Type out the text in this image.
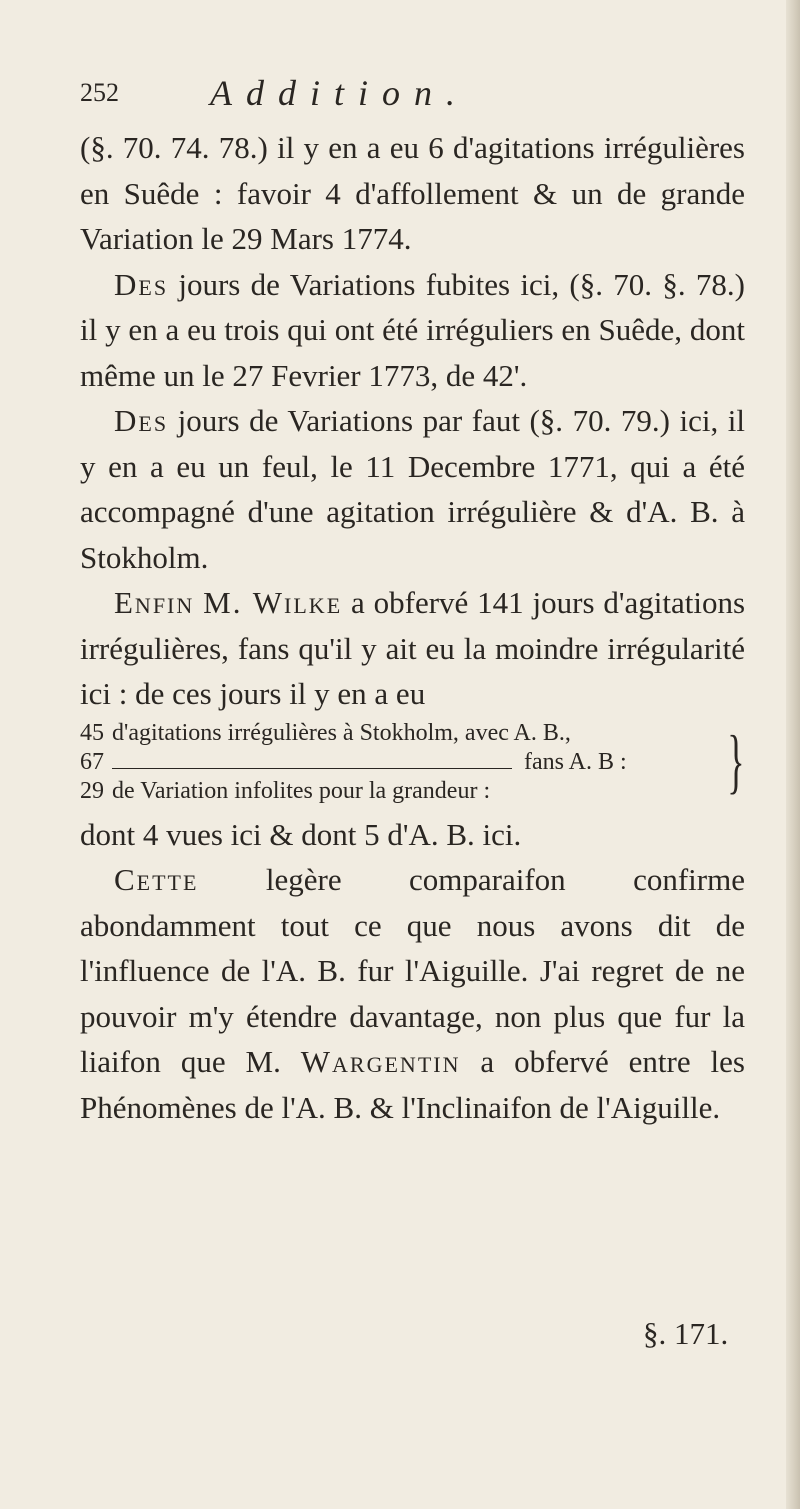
252	Addition.

(§. 70. 74. 78.) il y en a eu 6 d'agitations irrégulières en Suêde : favoir 4 d'affollement & un de grande Variation le 29 Mars 1774.

Des jours de Variations fubites ici, (§. 70. §. 78.) il y en a eu trois qui ont été irréguliers en Suêde, dont même un le 27 Fevrier 1773, de 42'.

Des jours de Variations par faut (§. 70. 79.) ici, il y en a eu un feul, le 11 Decembre 1771, qui a été accompagné d'une agitation irrégulière & d'A. B. à Stokholm.

Enfin M. Wilke a obfervé 141 jours d'agitations irrégulières, fans qu'il y ait eu la moindre irrégularité ici : de ces jours il y en a eu

45 d'agitations irrégulières à Stokholm, avec A. B.,
67	fans A. B :
29 de Variation infolites pour la grandeur :	}

dont 4 vues ici & dont 5 d'A. B. ici.

Cette legère comparaifon confirme abondamment tout ce que nous avons dit de l'influence de l'A. B. fur l'Aiguille. J'ai regret de ne pouvoir m'y étendre davantage, non plus que fur la liaifon que M. Wargentin a obfervé entre les Phénomènes de l'A. B. & l'Inclinaifon de l'Aiguille.

§. 171.
